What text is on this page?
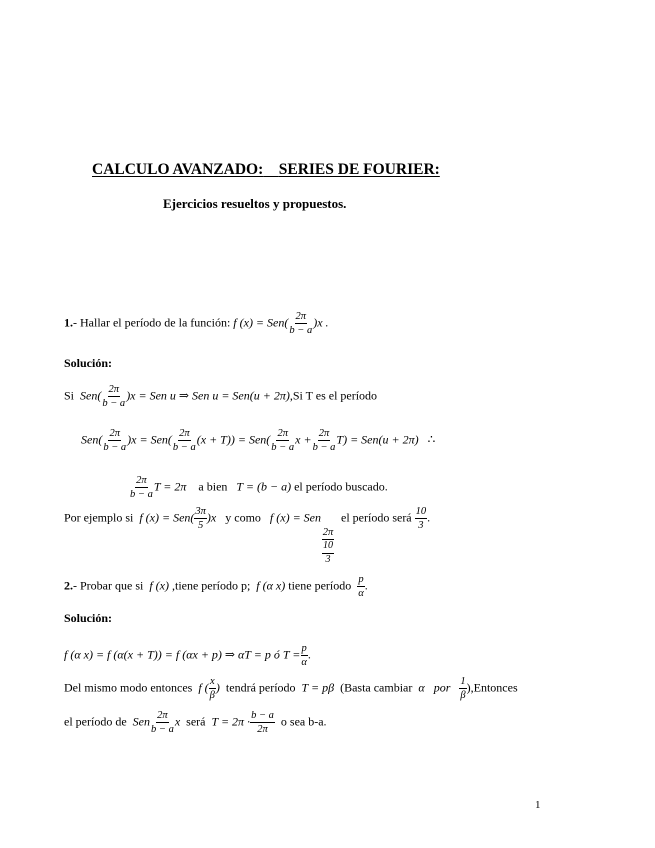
CALCULO AVANZADO: SERIES DE FOURIER:
Ejercicios resueltos y propuestos.
1.- Hallar el período de la función: f $(x) = Sen( \frac{2\pi}{b - a} )x$ .
Solución:
Si $Sen( \frac{2\pi}{b - a} )x$ = Sen u ⇒ Sen u = Sen(u + 2π),Si T es el período
$Sen( \frac{2\pi}{b - a} )x = Sen( \frac{2\pi}{b - a} (x + T)) = Sen( \frac{2\pi}{b - a}$ $x + \frac{2\pi}{b - a} T) = Sen(u + 2\pi)$ ∴
$\frac{2\pi}{b - a}$ T = 2π a bien T = (b − a) el período buscado.
Por ejemplo si f $(x) = Sen( \frac{3\pi}{5} )x$ y como f (x) = Sen
$\frac{2\pi}{\frac{10}{3}}$
el período será $\frac{10}{3}$ .
2.- Probar que si f (x) ,tiene período p; f (α x) tiene período $\frac{p}{\alpha}$ .
Solución:
f (α x) = f (α(x + T)) = f (αx + p) ⇒ αT = p ó $T = \frac{p}{\alpha}$ .
Del mismo modo entonces f ( $\frac{x}{\beta}$ ) tendrá período T = pβ (Basta cambiar α por $\frac{1}{\beta}$ ),Entonces
el período de Sen $\frac{2\pi}{b - a}$ x será $T = 2\pi \cdot \frac{b - a}{2\pi}$ o sea b-a.
1
